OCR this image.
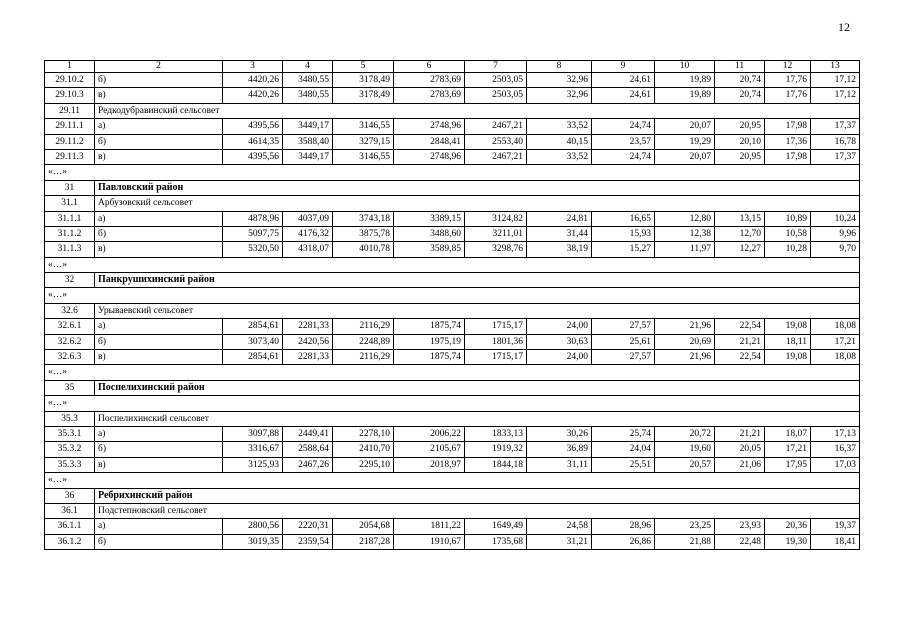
12
1	2	3	4	5	6	7	8	9	10	11	12	13
29.10.2	б)	4420,26	3480,55	3178,49	2783,69	2503,05	32,96	24,61	19,89	20,74	17,76	17,12
29.10.3	в)	4420,26	3480,55	3178,49	2783,69	2503,05	32,96	24,61	19,89	20,74	17,76	17,12
29.11	Редкодубравинский сельсовет											
29.11.1	а)	4395,56	3449,17	3146,55	2748,96	2467,21	33,52	24,74	20,07	20,95	17,98	17,37
29.11.2	б)	4614,35	3588,40	3279,15	2848,41	2553,40	40,15	23,57	19,29	20,10	17,36	16,78
29.11.3	в)	4395,56	3449,17	3146,55	2748,96	2467,21	33,52	24,74	20,07	20,95	17,98	17,37
«…»												
31	Павловский район											
31.1	Арбузовский сельсовет											
31.1.1	а)	4878,96	4037,09	3743,18	3389,15	3124,82	24,81	16,65	12,80	13,15	10,89	10,24
31.1.2	б)	5097,75	4176,32	3875,78	3488,60	3211,01	31,44	15,93	12,38	12,70	10,58	9,96
31.1.3	в)	5320,50	4318,07	4010,78	3589,85	3298,76	38,19	15,27	11,97	12,27	10,28	9,70
«…»												
32	Панкрушихинский район											
«…»												
32.6	Урываевский сельсовет											
32.6.1	а)	2854,61	2281,33	2116,29	1875,74	1715,17	24,00	27,57	21,96	22,54	19,08	18,08
32.6.2	б)	3073,40	2420,56	2248,89	1975,19	1801,36	30,63	25,61	20,69	21,21	18,11	17,21
32.6.3	в)	2854,61	2281,33	2116,29	1875,74	1715,17	24,00	27,57	21,96	22,54	19,08	18,08
«…»												
35	Поспелихинский район											
«…»												
35.3	Поспелихинский сельсовет											
35.3.1	а)	3097,88	2449,41	2278,10	2006,22	1833,13	30,26	25,74	20,72	21,21	18,07	17,13
35.3.2	б)	3316,67	2588,64	2410,70	2105,67	1919,32	36,89	24,04	19,60	20,05	17,21	16,37
35.3.3	в)	3125,93	2467,26	2295,10	2018,97	1844,18	31,11	25,51	20,57	21,06	17,95	17,03
«…»												
36	Ребрихинский район											
36.1	Подстепновский сельсовет											
36.1.1	а)	2800,56	2220,31	2054,68	1811,22	1649,49	24,58	28,96	23,25	23,93	20,36	19,37
36.1.2	б)	3019,35	2359,54	2187,28	1910,67	1735,68	31,21	26,86	21,88	22,48	19,30	18,41
